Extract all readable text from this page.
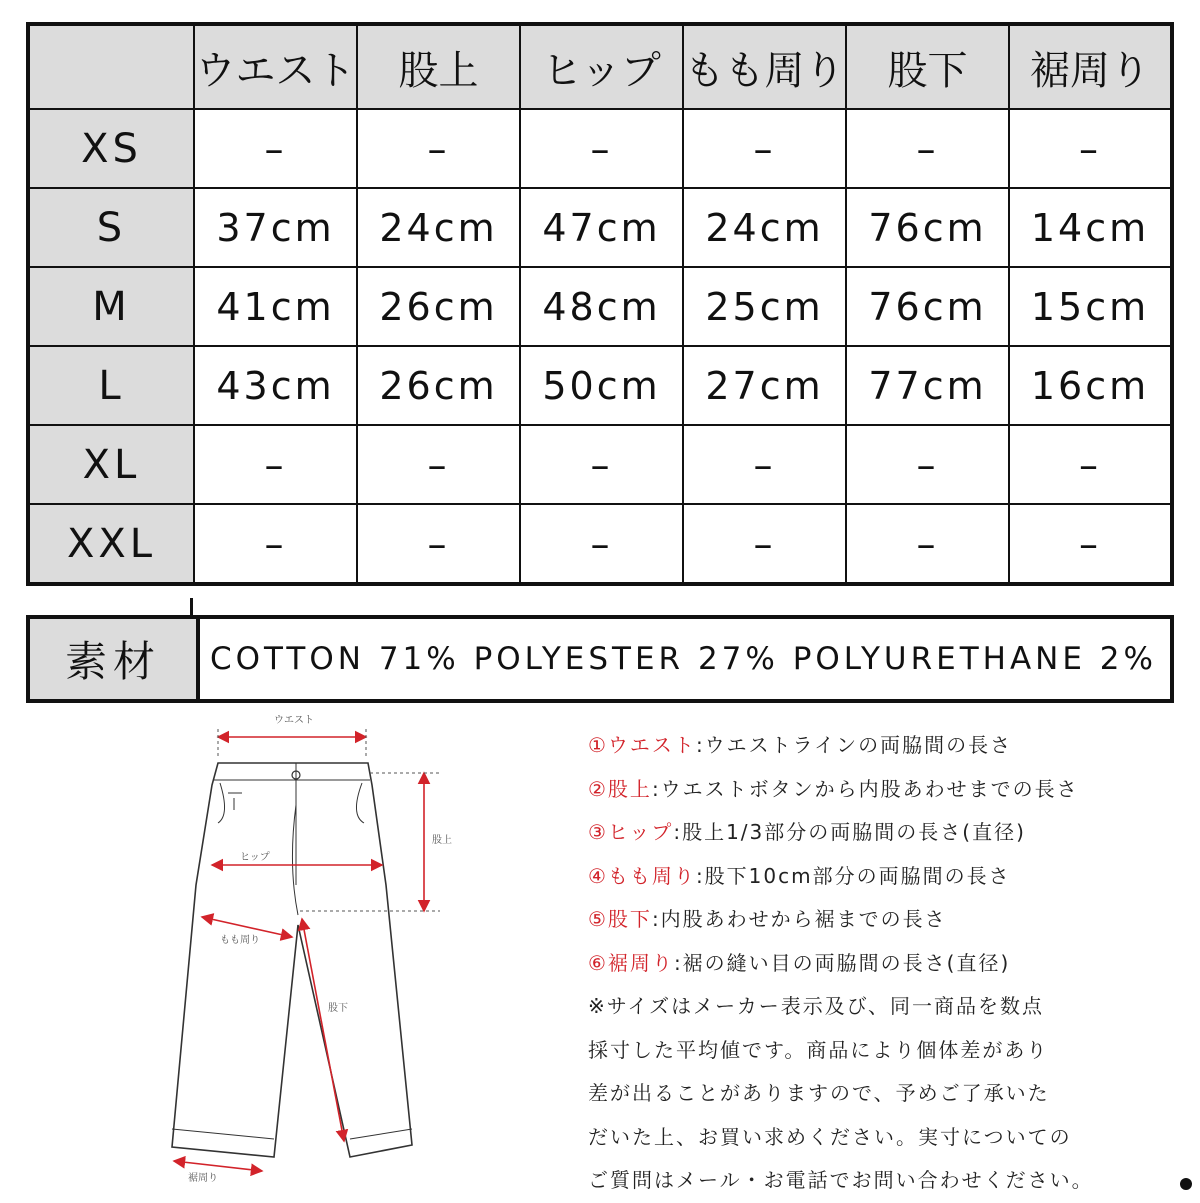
	ウエスト	股上	ヒップ	もも周り	股下	裾周り
XS	–	–	–	–	–	–
S	37cm	24cm	47cm	24cm	76cm	14cm
M	41cm	26cm	48cm	25cm	76cm	15cm
L	43cm	26cm	50cm	27cm	77cm	16cm
XL	–	–	–	–	–	–
XXL	–	–	–	–	–	–
素材	COTTON 71% POLYESTER 27% POLYURETHANE 2%
ウエスト
ヒップ
もも周り
股上
股下
裾周り
①ウエスト:ウエストラインの両脇間の長さ
②股上:ウエストボタンから内股あわせまでの長さ
③ヒップ:股上1/3部分の両脇間の長さ(直径)
④もも周り:股下10cm部分の両脇間の長さ
⑤股下:内股あわせから裾までの長さ
⑥裾周り:裾の縫い目の両脇間の長さ(直径)
※サイズはメーカー表示及び、同一商品を数点
採寸した平均値です。商品により個体差があり
差が出ることがありますので、予めご了承いた
だいた上、お買い求めください。実寸についての
ご質問はメール・お電話でお問い合わせください。
